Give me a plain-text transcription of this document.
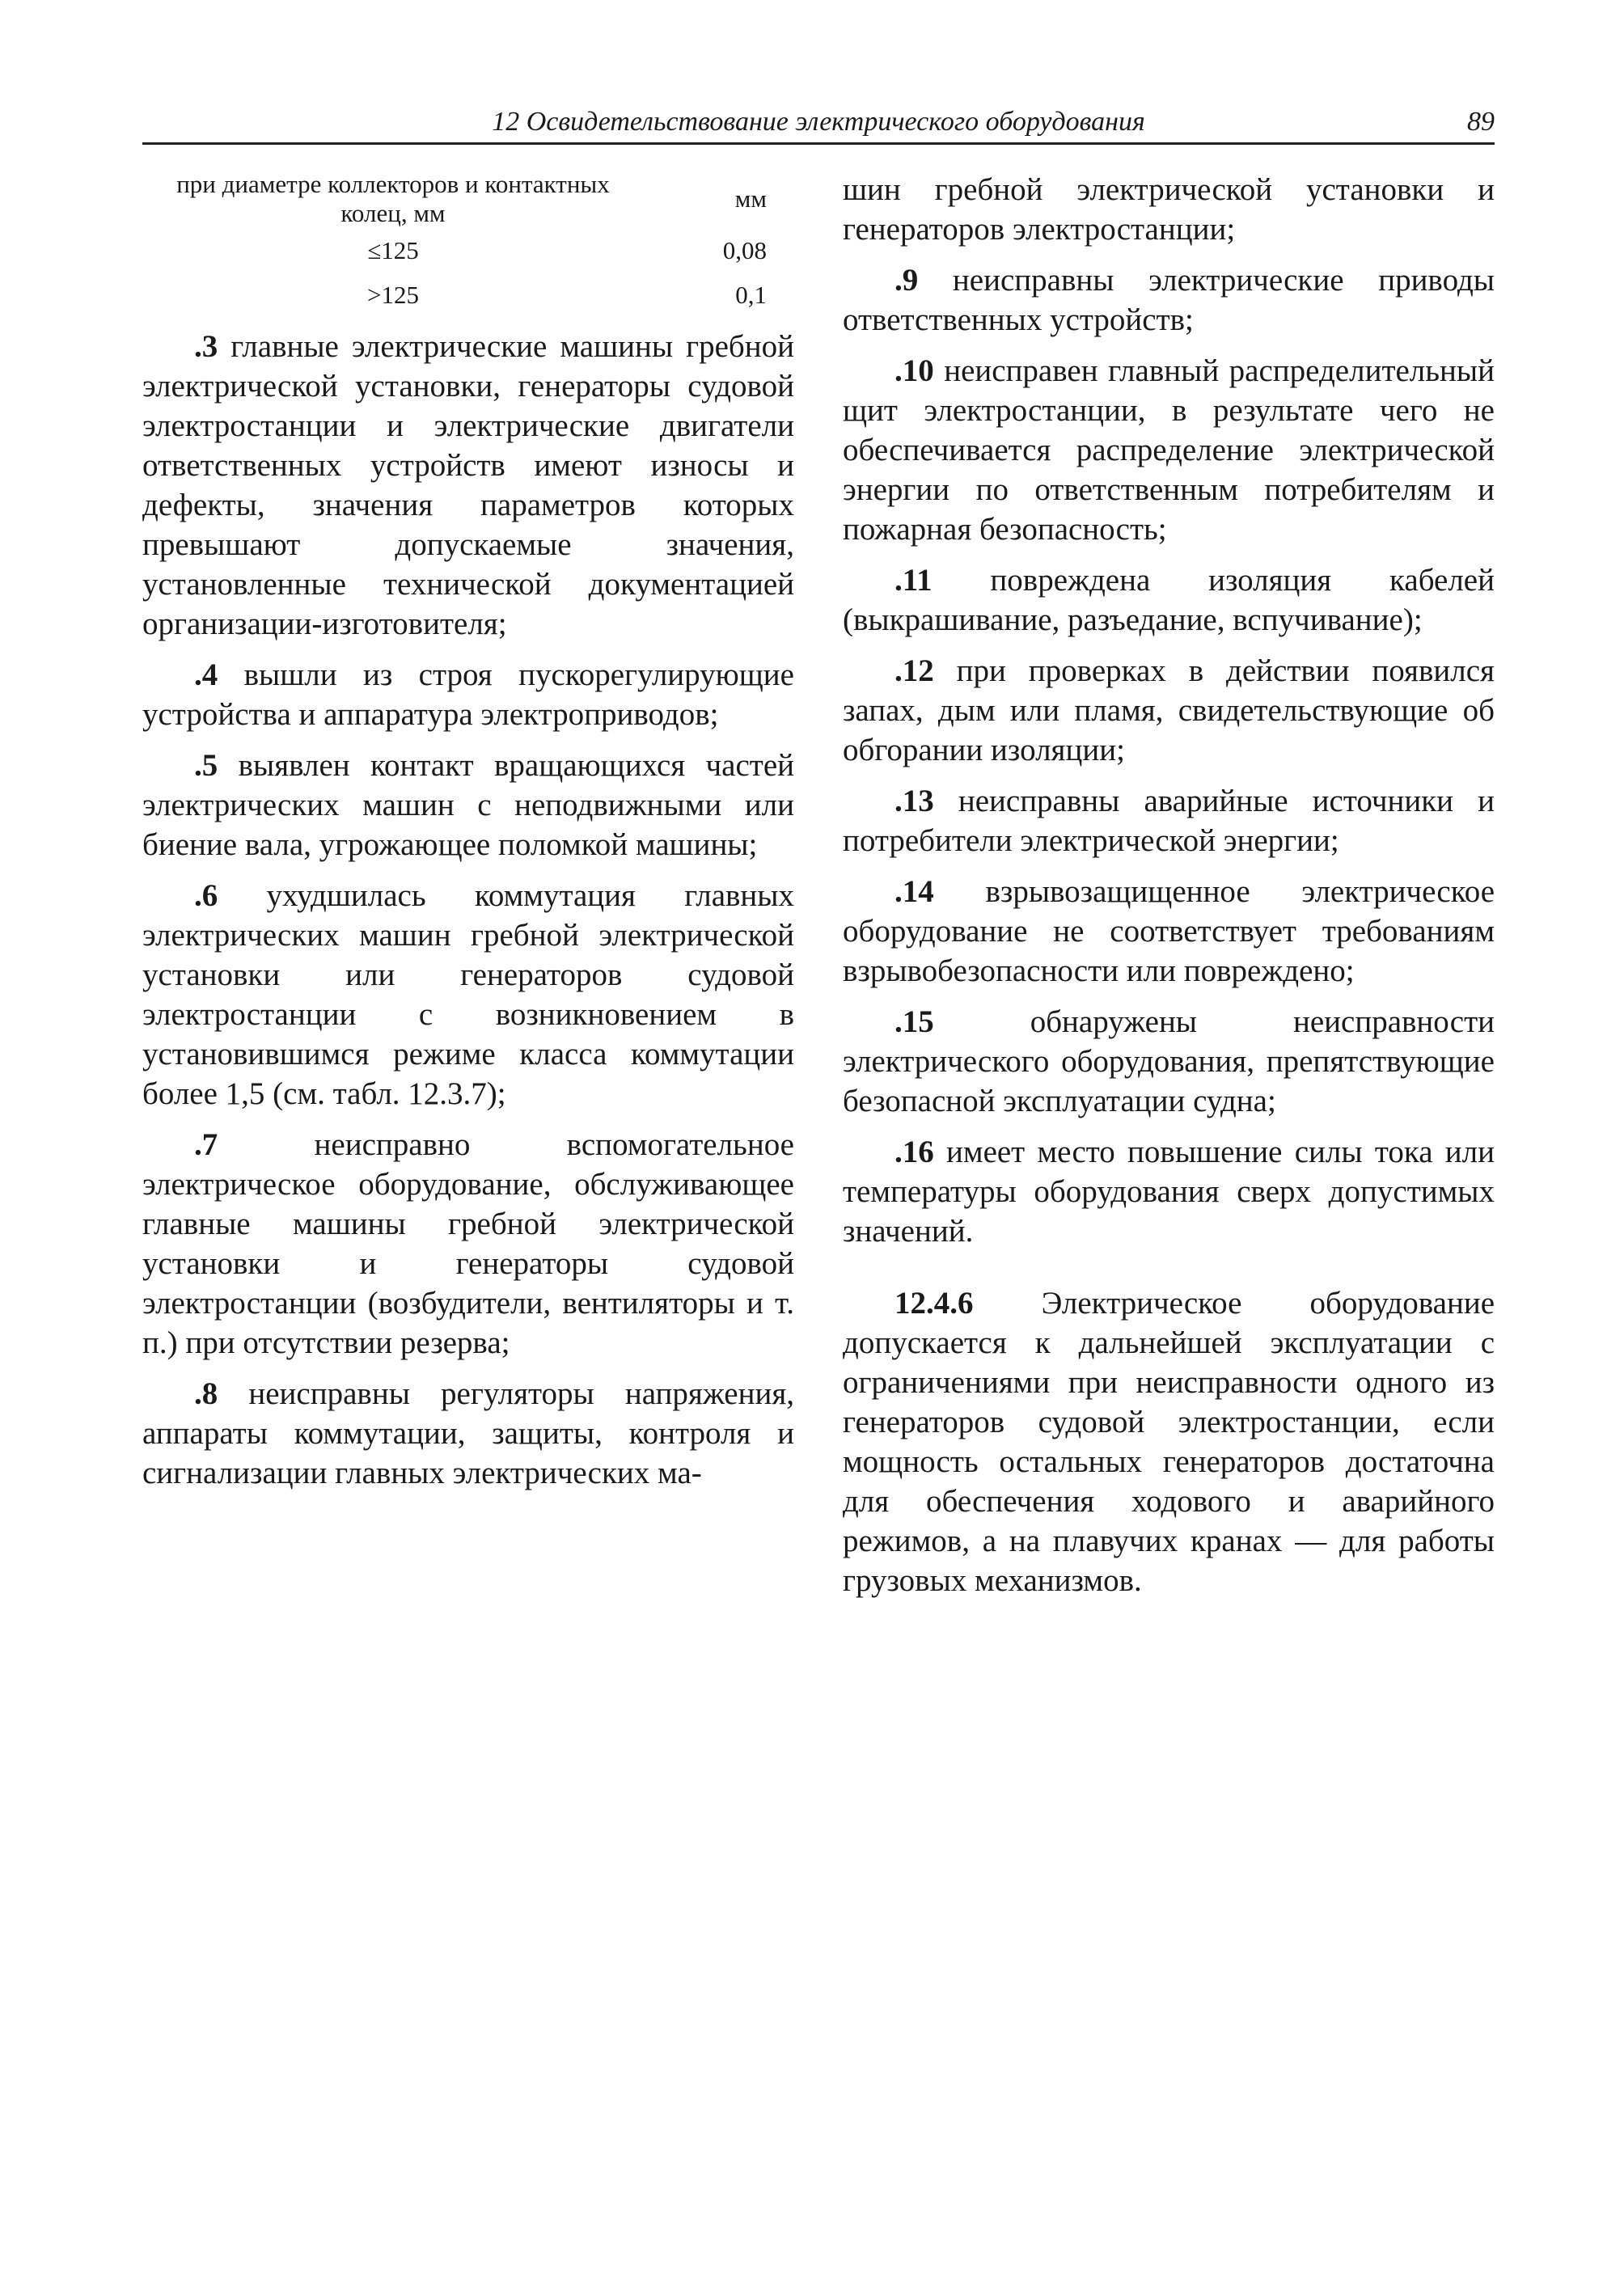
12 Освидетельствование электрического оборудования	89
при диаметре коллекторов и контактных колец, мм	мм
≤125	0,08
>125	0,1

.3 главные электрические машины гребной электрической установки, генераторы судовой электростанции и электрические двигатели ответственных устройств имеют износы и дефекты, значения параметров которых превышают допускаемые значения, установленные технической документацией организации-изготовителя;

.4 вышли из строя пускорегулирующие устройства и аппаратура электроприводов;

.5 выявлен контакт вращающихся частей электрических машин с неподвижными или биение вала, угрожающее поломкой машины;

.6 ухудшилась коммутация главных электрических машин гребной электрической установки или генераторов судовой электростанции с возникновением в установившимся режиме класса коммутации более 1,5 (см. табл. 12.3.7);

.7	неисправно вспомогательное электрическое оборудование, обслуживающее главные машины гребной электрической установки и генераторы судовой электростанции (возбудители, вентиляторы и т. п.) при отсутствии резерва;

.8 неисправны регуляторы напряжения, аппараты коммутации, защиты, контроля и сигнализации главных электрических ма-

шин гребной электрической установки и генераторов электростанции;

.9 неисправны электрические приводы ответственных устройств;

.10 неисправен главный распределительный щит электростанции, в результате чего не обеспечивается распределение электрической энергии по ответственным потребителям и пожарная безопасность;

.11 повреждена изоляция кабелей (выкрашивание, разъедание, вспучивание);

.12 при проверках в действии появился запах, дым или пламя, свидетельствующие об обгорании изоляции;

.13 неисправны аварийные источники и потребители электрической энергии;

.14 взрывозащищенное электрическое оборудование не соответствует требованиям взрывобезопасности или повреждено;

.15	обнаружены неисправности электрического оборудования, препятствующие безопасной эксплуатации судна;

.16 имеет место повышение силы тока или температуры оборудования сверх допустимых значений.

12.4.6 Электрическое оборудование допускается к дальнейшей эксплуатации с ограничениями при неисправности одного из генераторов судовой электростанции, если мощность остальных генераторов достаточна для обеспечения ходового и аварийного режимов, а на плавучих кранах — для работы грузовых механизмов.
